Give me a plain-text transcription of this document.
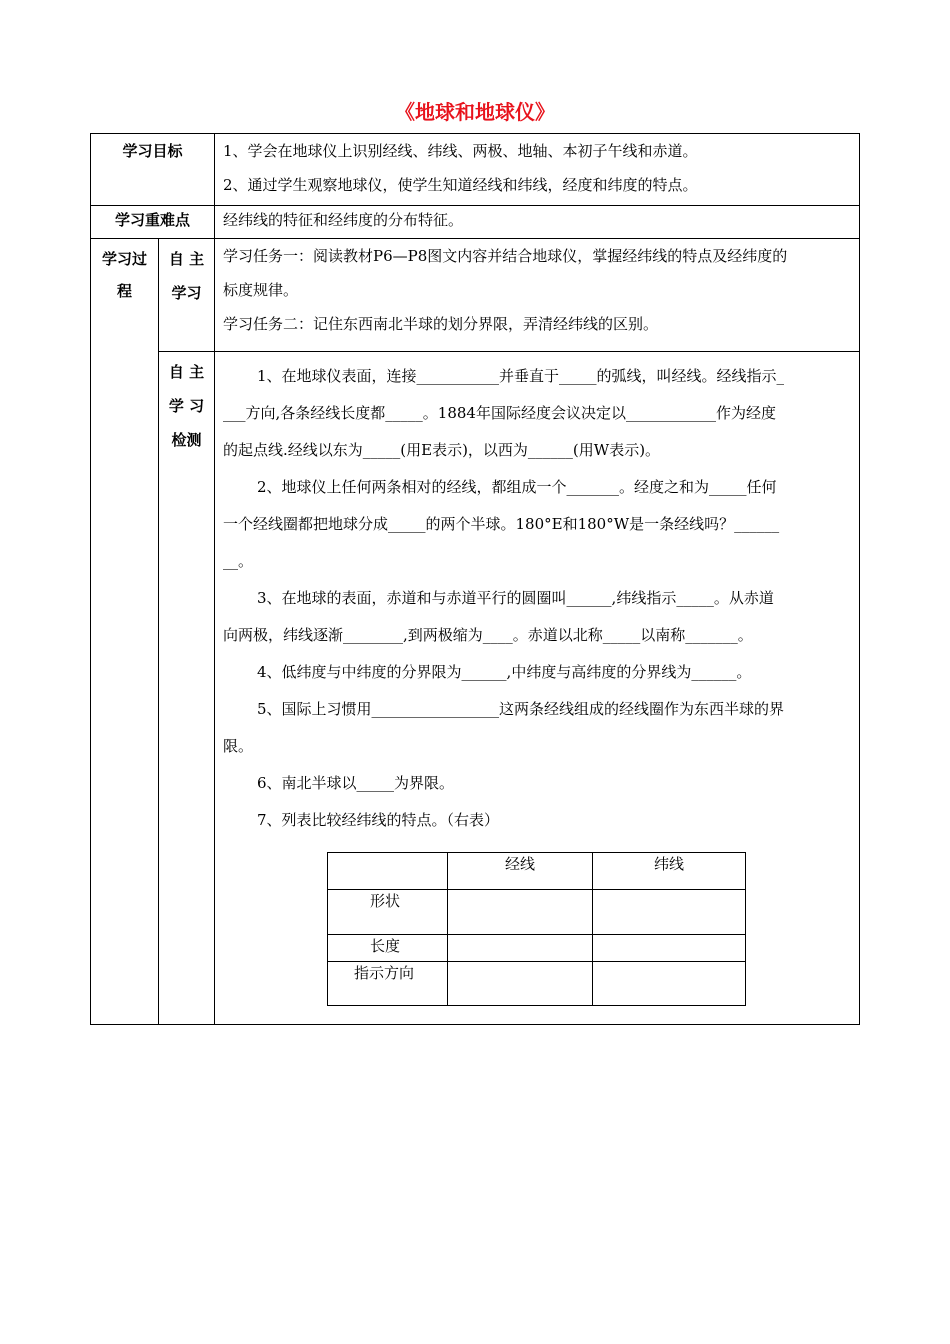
《地球和地球仪》
学习目标	1、学会在地球仪上识别经线、纬线、两极、地轴、本初子午线和赤道。
2、通过学生观察地球仪，使学生知道经线和纬线，经度和纬度的特点。

学习重难点	经纬线的特征和经纬度的分布特征。

学习过
程

自 主
学习

学习任务一：阅读教材P6—P8图文内容并结合地球仪，掌握经纬线的特点及经纬度的
标度规律。
学习任务二：记住东西南北半球的划分界限，弄清经纬线的区别。

自 主
学 习
检测

1、在地球仪表面，连接___________并垂直于_____的弧线，叫经线。经线指示_
___方向,各条经线长度都_____。1884年国际经度会议决定以____________作为经度
的起点线.经线以东为_____(用E表示)，以西为______(用W表示)。
2、地球仪上任何两条相对的经线，都组成一个_______。经度之和为_____任何
一个经线圈都把地球分成_____的两个半球。180°E和180°W是一条经线吗？______
__。
3、在地球的表面，赤道和与赤道平行的圆圈叫______,纬线指示_____。从赤道
向两极，纬线逐渐________,到两极缩为____。赤道以北称_____以南称_______。
4、低纬度与中纬度的分界限为______,中纬度与高纬度的分界线为______。
5、国际上习惯用_________________这两条经线组成的经线圈作为东西半球的界
限。
6、南北半球以_____为界限。
7、列表比较经纬线的特点。（右表）
	经线	纬线
形状		
长度		
指示方向		
